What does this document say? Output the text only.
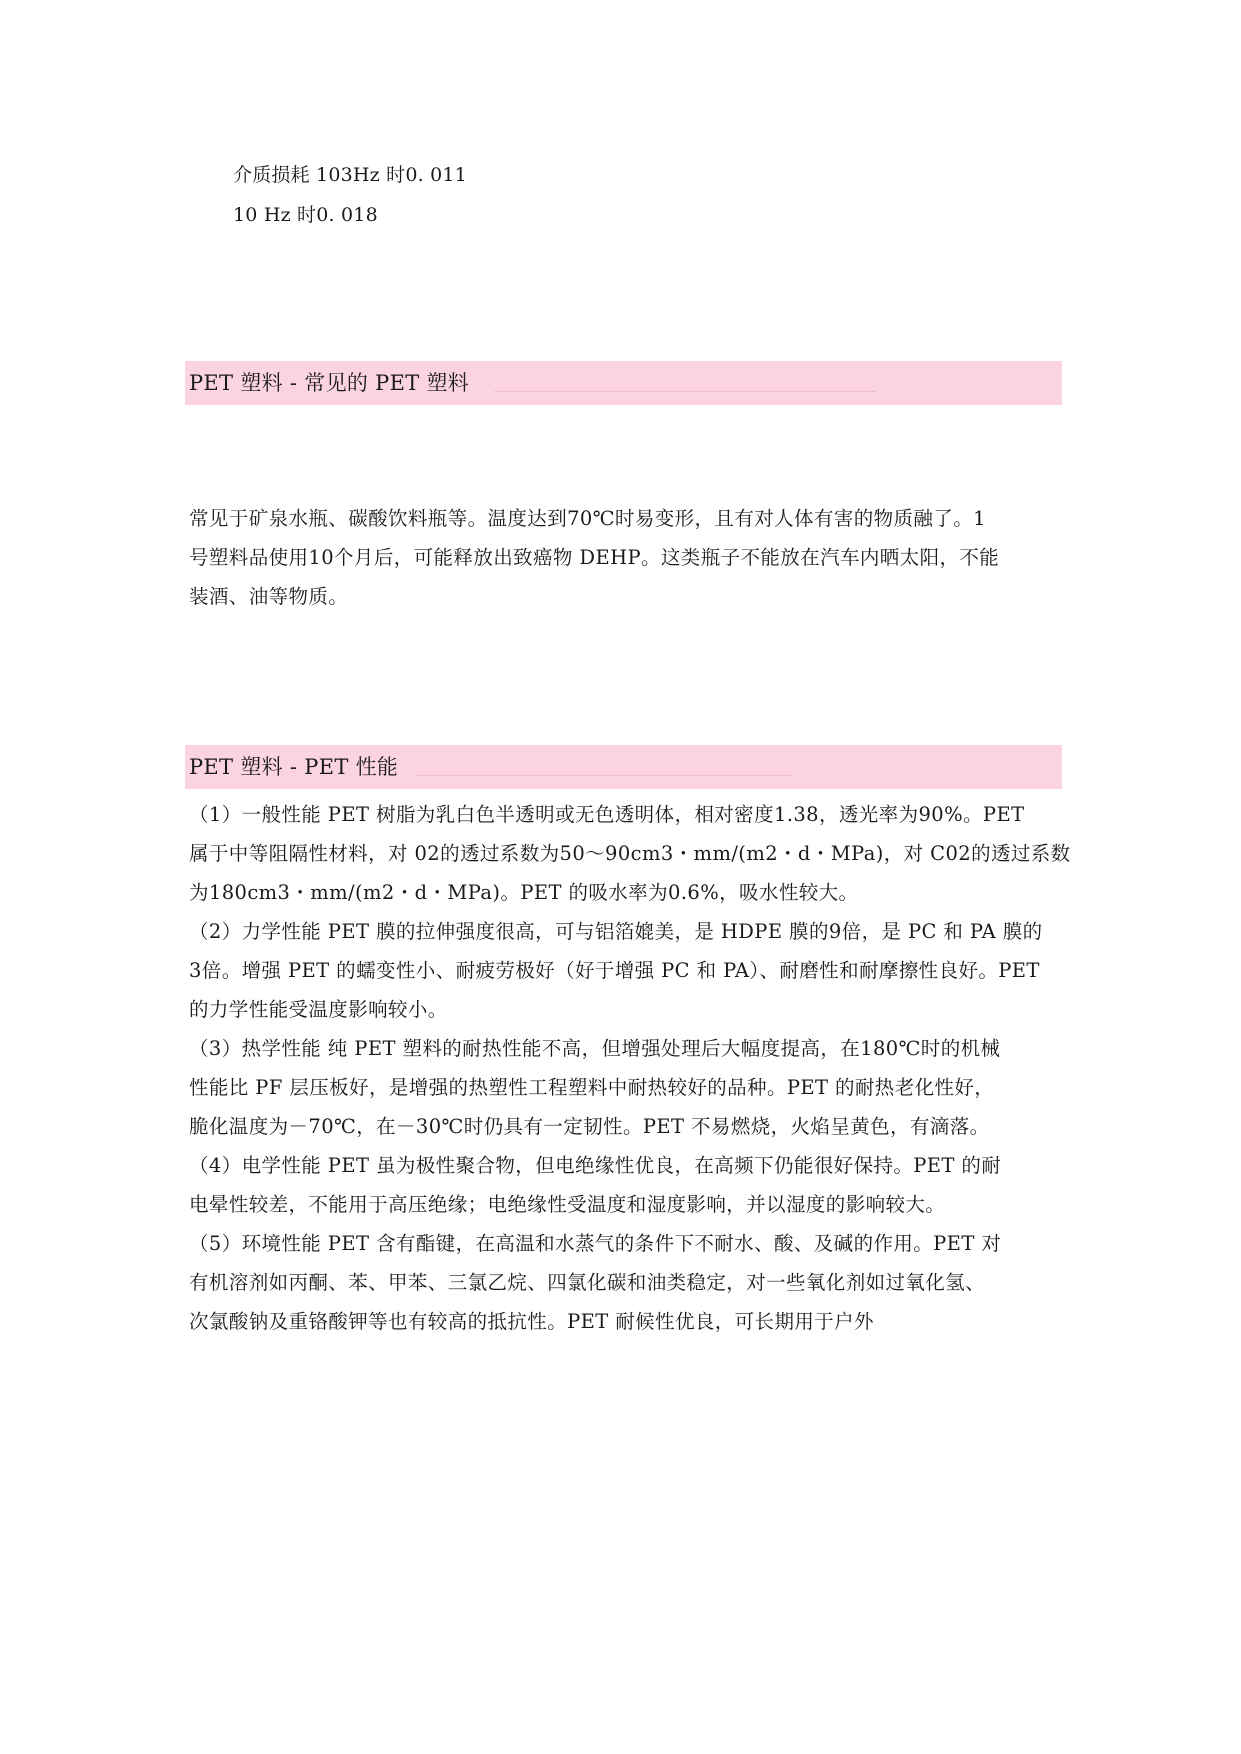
介质损耗 103Hz 时0. 011
10 Hz 时0. 018
PET 塑料 - 常见的 PET 塑料
常见于矿泉水瓶、碳酸饮料瓶等。温度达到70℃时易变形，且有对人体有害的物质融了。1
号塑料品使用10个月后，可能释放出致癌物 DEHP。这类瓶子不能放在汽车内晒太阳，不能
装酒、油等物质。
PET 塑料 - PET 性能
（1）一般性能 PET 树脂为乳白色半透明或无色透明体，相对密度1.38，透光率为90%。PET
属于中等阻隔性材料，对 02的透过系数为50～90cm3・mm/(m2・d・MPa)，对 C02的透过系数
为180cm3・mm/(m2・d・MPa)。PET 的吸水率为0.6%，吸水性较大。
（2）力学性能 PET 膜的拉伸强度很高，可与铝箔媲美，是 HDPE 膜的9倍，是 PC 和 PA 膜的
3倍。增强 PET 的蠕变性小、耐疲劳极好（好于增强 PC 和 PA）、耐磨性和耐摩擦性良好。PET
的力学性能受温度影响较小。
（3）热学性能 纯 PET 塑料的耐热性能不高，但增强处理后大幅度提高，在180℃时的机械
性能比 PF 层压板好，是增强的热塑性工程塑料中耐热较好的品种。PET 的耐热老化性好，
脆化温度为－70℃，在－30℃时仍具有一定韧性。PET 不易燃烧，火焰呈黄色，有滴落。
（4）电学性能 PET 虽为极性聚合物，但电绝缘性优良，在高频下仍能很好保持。PET 的耐
电晕性较差，不能用于高压绝缘；电绝缘性受温度和湿度影响，并以湿度的影响较大。
（5）环境性能 PET 含有酯键，在高温和水蒸气的条件下不耐水、酸、及碱的作用。PET 对
有机溶剂如丙酮、苯、甲苯、三氯乙烷、四氯化碳和油类稳定，对一些氧化剂如过氧化氢、
次氯酸钠及重铬酸钾等也有较高的抵抗性。PET 耐候性优良，可长期用于户外
